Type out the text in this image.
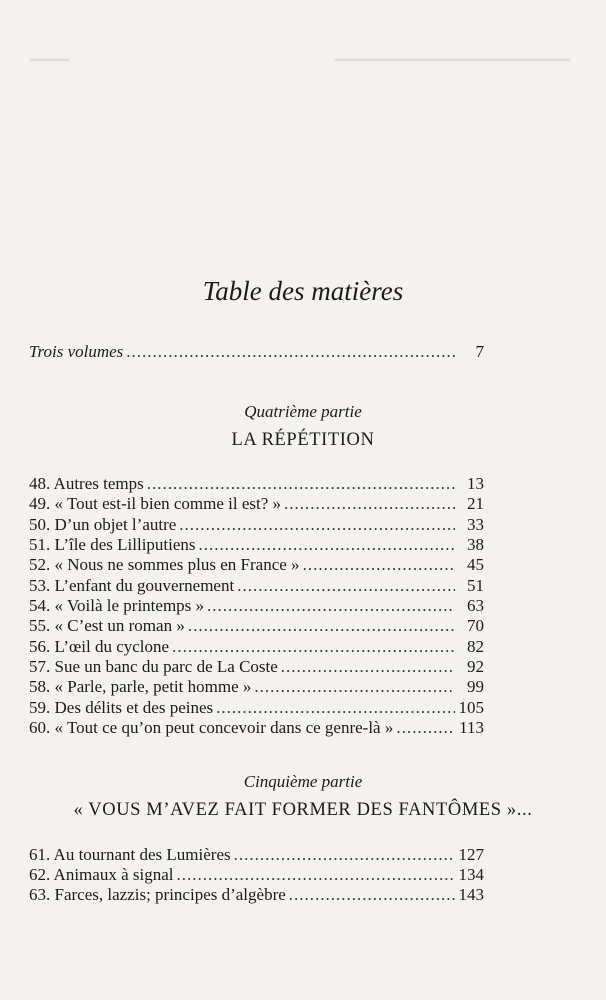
▁▁▁▁▁▁▁▁▁▁▁▁▁▁▁▁▁▁
▁▁▁
Table des matières
Trois volumes .....	7
Quatrième partie
LA RÉPÉTITION
48. Autres temps .....	13
49. « Tout est-il bien comme il est? » .....	21
50. D’un objet l’autre .....	33
51. L’île des Lilliputiens .....	38
52. « Nous ne sommes plus en France » .....	45
53. L’enfant du gouvernement .....	51
54. « Voilà le printemps » .....	63
55. « C’est un roman » .....	70
56. L’œil du cyclone .....	82
57. Sue un banc du parc de La Coste .....	92
58. « Parle, parle, petit homme » .....	99
59. Des délits et des peines .....	105
60. « Tout ce qu’on peut concevoir dans ce genre-là » .....	113
Cinquième partie
« VOUS M’AVEZ FAIT FORMER DES FANTÔMES »...
61. Au tournant des Lumières .....	127
62. Animaux à signal .....	134
63. Farces, lazzis; principes d’algèbre .....	143
